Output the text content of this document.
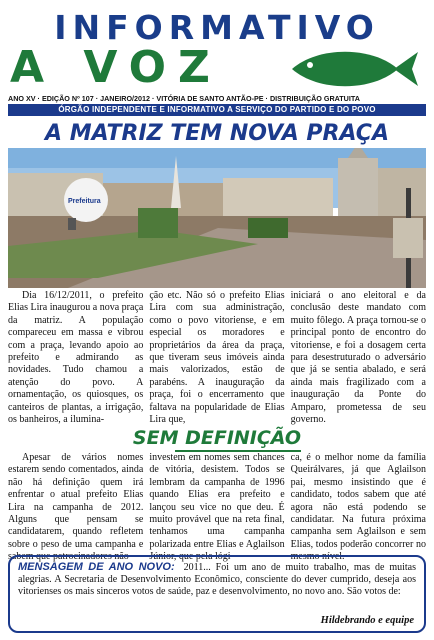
INFORMATIVO
A VOZ
ANO XV · EDIÇÃO Nº 107 · JANEIRO/2012 · VITÓRIA DE SANTO ANTÃO-PE · DISTRIBUIÇÃO GRATUITA
ÓRGÃO INDEPENDENTE E INFORMATIVO A SERVIÇO DO PARTIDO E DO POVO
A MATRIZ TEM NOVA PRAÇA
Prefeitura

Dia 16/12/2011, o prefeito Elias Lira inaugurou a nova praça da matriz. A população compareceu em massa e vibrou com a praça, levando apoio ao prefeito e admirando as novidades. Tudo chamou a atenção do povo. A ornamentação, os quiosques, os canteiros de plantas, a irrigação, os banheiros, a ilumina-

ção etc. Não só o prefeito Elias Lira com sua administração, como o povo vitoriense, e em especial os moradores e proprietários da área da praça, que tiveram seus imóveis ainda mais valorizados, estão de parabéns. A inauguração da praça, foi o encerramento que faltava na popularidade de Elias Lira que,

iniciará o ano eleitoral e da conclusão deste mandato com muito fôlego. A praça tornou-se o principal ponto de encontro do vitoriense, e foi a dosagem certa para desestruturado o adversário que já se sentia abalado, e será ainda mais fragilizado com a inauguração da Ponte do Amparo, prometessa de seu governo.

SEM DEFINIÇÃO

Apesar de vários nomes estarem sendo comentados, ainda não há definição quem irá enfrentar o atual prefeito Elias Lira na campanha de 2012. Alguns que pensam se candidatarem, quando refletem sobre o peso de uma campanha e sabem que patrocinadores não

investem em nomes sem chances de vitória, desistem. Todos se lembram da campanha de 1996 quando Elias era prefeito e lançou seu vice no que deu. É muito provável que na reta final, tenhamos uma campanha polarizada entre Elias e Aglailson Júnior, que pela lógi-

ca, é o melhor nome da família Queirálvares, já que Aglailson pai, mesmo insistindo que é candidato, todos sabem que até agora não está podendo se candidatar. Na futura próxima campanha sem Aglailson e sem Elias, todos poderão concorrer no mesmo nível.

MENSAGEM DE ANO NOVO: 2011... Foi um ano de muito trabalho, mas de muitas alegrias. A Secretaria de Desenvolvimento Econômico, consciente do dever cumprido, deseja aos vitorienses os mais sinceros votos de saúde, paz e desenvolvimento, no novo ano. São votos de:
Hildebrando e equipe
